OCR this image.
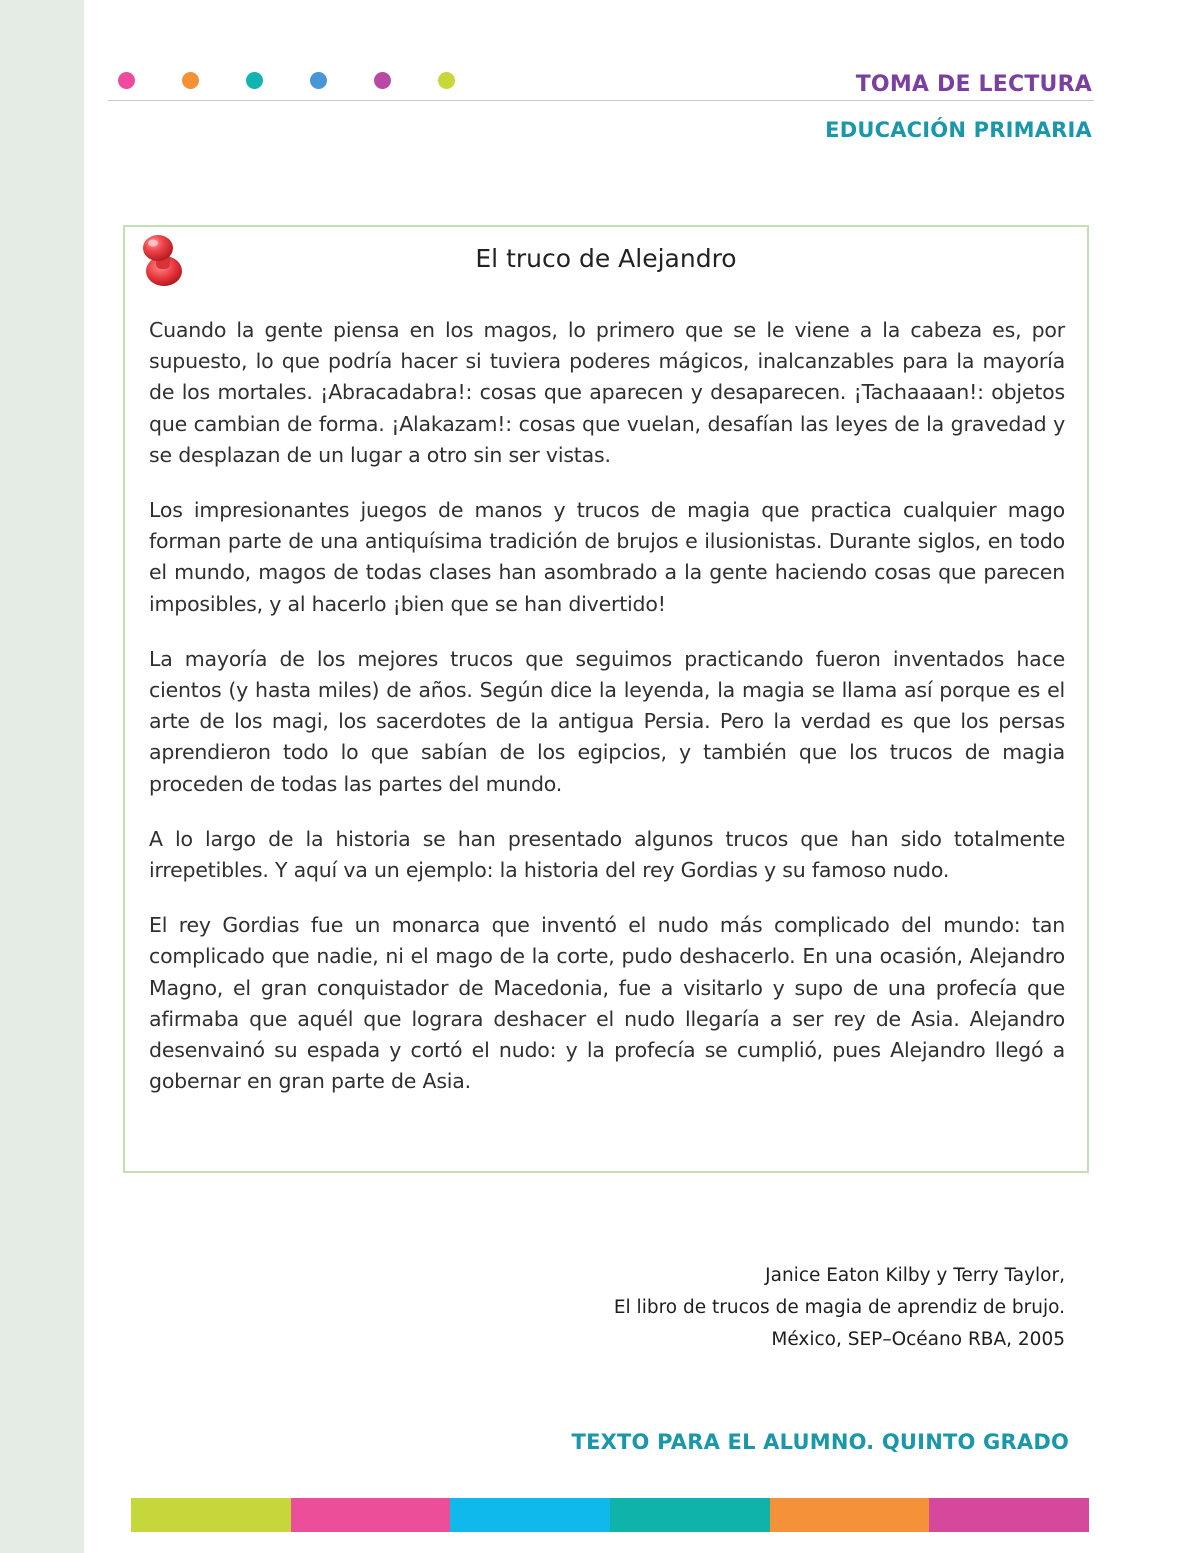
TOMA DE LECTURA
EDUCACIÓN PRIMARIA
El truco de Alejandro

Cuando la gente piensa en los magos, lo primero que se le viene a la cabeza es, por supuesto, lo que podría hacer si tuviera poderes mágicos, inalcanzables para la mayoría de los mortales. ¡Abracadabra!: cosas que aparecen y desaparecen. ¡Tachaaaan!: objetos que cambian de forma. ¡Alakazam!: cosas que vuelan, desafían las leyes de la gravedad y se desplazan de un lugar a otro sin ser vistas.

Los impresionantes juegos de manos y trucos de magia que practica cualquier mago forman parte de una antiquísima tradición de brujos e ilusionistas. Durante siglos, en todo el mundo, magos de todas clases han asombrado a la gente haciendo cosas que parecen imposibles, y al hacerlo ¡bien que se han divertido!

La mayoría de los mejores trucos que seguimos practicando fueron inventados hace cientos (y hasta miles) de años. Según dice la leyenda, la magia se llama así porque es el arte de los magi, los sacerdotes de la antigua Persia. Pero la verdad es que los persas aprendieron todo lo que sabían de los egipcios, y también que los trucos de magia proceden de todas las partes del mundo.

A lo largo de la historia se han presentado algunos trucos que han sido totalmente irrepetibles. Y aquí va un ejemplo: la historia del rey Gordias y su famoso nudo.

El rey Gordias fue un monarca que inventó el nudo más complicado del mundo: tan complicado que nadie, ni el mago de la corte, pudo deshacerlo. En una ocasión, Alejandro Magno, el gran conquistador de Macedonia, fue a visitarlo y supo de una profecía que afirmaba que aquél que lograra deshacer el nudo llegaría a ser rey de Asia. Alejandro desenvainó su espada y cortó el nudo: y la profecía se cumplió, pues Alejandro llegó a gobernar en gran parte de Asia.

Janice Eaton Kilby y Terry Taylor,
El libro de trucos de magia de aprendiz de brujo.
México, SEP–Océano RBA, 2005
TEXTO PARA EL ALUMNO. QUINTO GRADO
